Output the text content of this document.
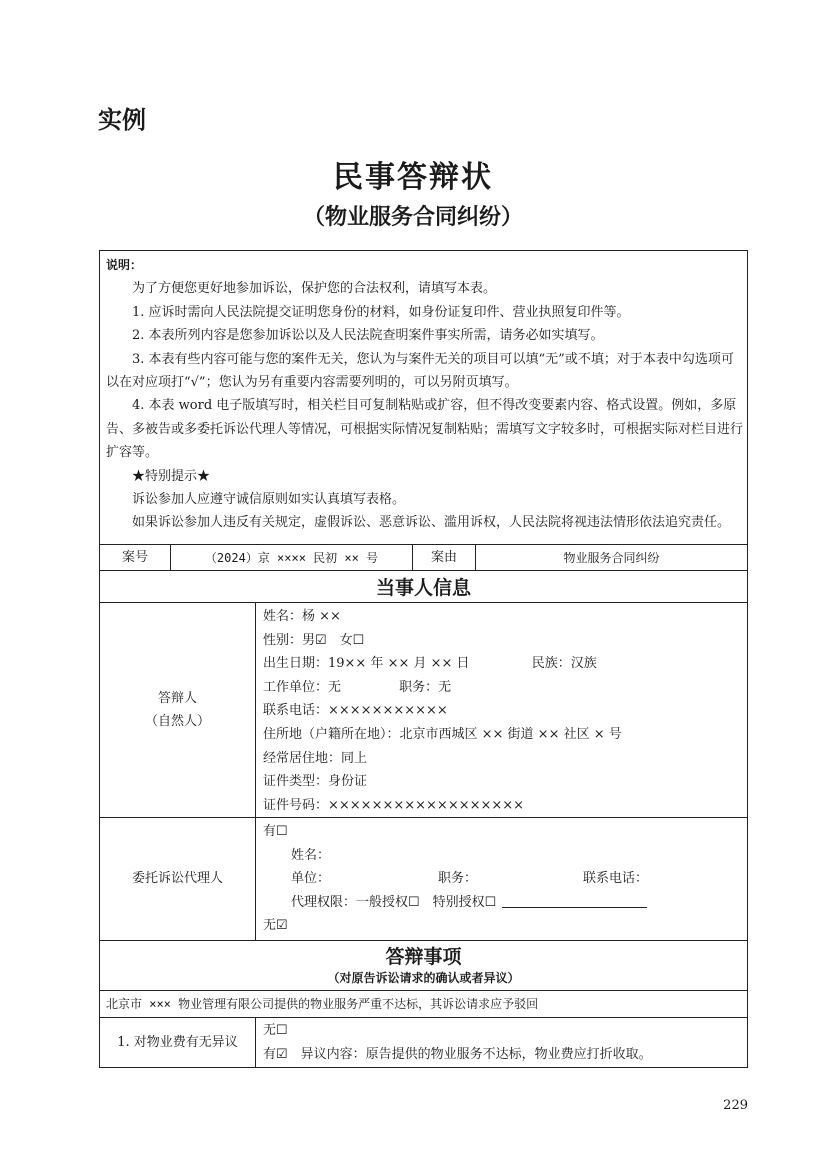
实例
民事答辩状
（物业服务合同纠纷）

说明：

为了方便您更好地参加诉讼，保护您的合法权利，请填写本表。

1. 应诉时需向人民法院提交证明您身份的材料，如身份证复印件、营业执照复印件等。

2. 本表所列内容是您参加诉讼以及人民法院查明案件事实所需，请务必如实填写。

3. 本表有些内容可能与您的案件无关，您认为与案件无关的项目可以填“无”或不填；对于本表中勾选项可以在对应项打“√”；您认为另有重要内容需要列明的，可以另附页填写。

4. 本表 word 电子版填写时，相关栏目可复制粘贴或扩容，但不得改变要素内容、格式设置。例如，多原告、多被告或多委托诉讼代理人等情况，可根据实际情况复制粘贴；需填写文字较多时，可根据实际对栏目进行扩容等。

★特别提示★

诉讼参加人应遵守诚信原则如实认真填写表格。

如果诉讼参加人违反有关规定，虚假诉讼、恶意诉讼、滥用诉权，人民法院将视违法情形依法追究责任。

案号	（2024）京 ×××× 民初 ×× 号	案由	物业服务合同纠纷
当事人信息
答辩人
（自然人）
姓名：杨 ××
性别：男☑　女☐
出生日期：19×× 年 ×× 月 ×× 日	民族：汉族
工作单位：无	职务：无
联系电话：×××××××××××
住所地（户籍所在地）：北京市西城区 ×× 街道 ×× 社区 × 号
经常居住地：同上
证件类型：身份证
证件号码：××××××××××××××××××
委托诉讼代理人
有☐
姓名：
单位：	职务：	联系电话：
代理权限：一般授权☐　特别授权☐
无☑
答辩事项
（对原告诉讼请求的确认或者异议）
北京市 ××× 物业管理有限公司提供的物业服务严重不达标，其诉讼请求应予驳回
1. 对物业费有无异议
无☐
有☑　异议内容：原告提供的物业服务不达标，物业费应打折收取。
229
